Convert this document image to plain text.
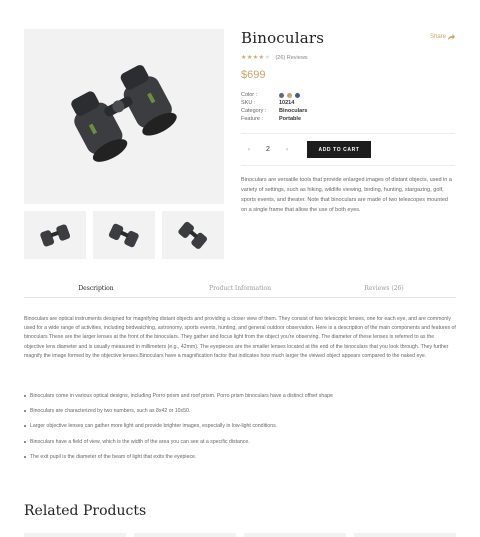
Binoculars	Share
★★★★★ (26) Reviews
$699
Color :
SKU :	10214
Category :	Binoculars
Feature :	Portable
‹	2	›	ADD TO CART

Binoculars are versatile tools that provide enlarged images of distant objects, used in a variety of settings, such as hiking, wildlife viewing, birding, hunting, stargazing, golf, sports events, and theater. Note that binoculars are made of two telescopes mounted on a single frame that allow the use of both eyes.

Description	Product Information	Reviews (26)

Binoculars are optical instruments designed for magnifying distant objects and providing a closer view of them. They consist of two telescopic lenses, one for each eye, and are commonly used for a wide range of activities, including birdwatching, astronomy, sports events, hunting, and general outdoor observation. Here is a description of the main components and features of binoculars These are the larger lenses at the front of the binoculars. They gather and focus light from the object you're observing. The diameter of these lenses is referred to as the objective lens diameter and is usually measured in millimeters (e.g., 42mm). The eyepieces are the smaller lenses located at the end of the binoculars that you look through. They further magnify the image formed by the objective lenses.Binoculars have a magnification factor that indicates how much larger the viewed object appears compared to the naked eye.

Binoculars come in various optical designs, including Porro prism and roof prism. Porro prism binoculars have a distinct offset shape
Binoculars are characterized by two numbers, such as 8x42 or 10x50.
Larger objective lenses can gather more light and provide brighter images, especially in low-light conditions.
Binoculars have a field of view, which is the width of the area you can see at a specific distance.
The exit pupil is the diameter of the beam of light that exits the eyepiece.
Related Products
